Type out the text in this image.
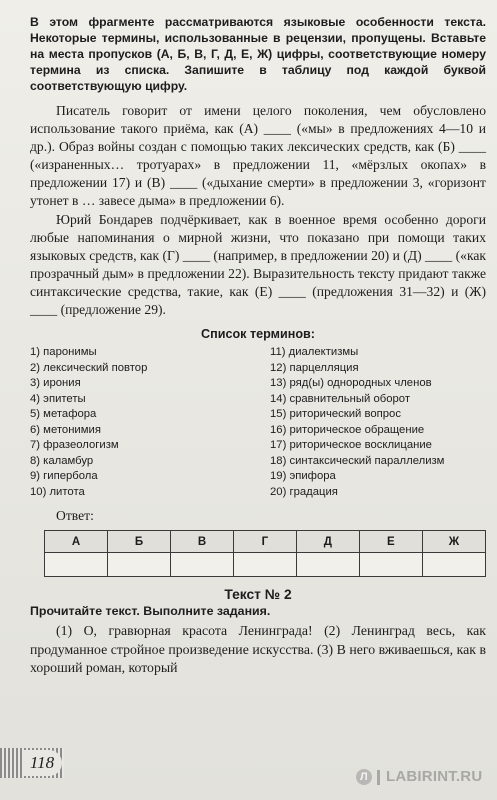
В этом фрагменте рассматриваются языковые особенности текста. Некоторые термины, использованные в рецензии, пропущены. Вставьте на места пропусков (А, Б, В, Г, Д, Е, Ж) цифры, соответствующие номеру термина из списка. Запишите в таблицу под каждой буквой соответствующую цифру.

Писатель говорит от имени целого поколения, чем обусловлено использование такого приёма, как (А) ____ («мы» в предложениях 4—10 и др.). Образ войны создан с помощью таких лексических средств, как (Б) ____ («израненных… тротуарах» в предложении 11, «мёрзлых окопах» в предложении 17) и (В) ____ («дыхание смерти» в предложении 3, «горизонт утонет в … завесе дыма» в предложении 6).

Юрий Бондарев подчёркивает, как в военное время особенно дороги любые напоминания о мирной жизни, что показано при помощи таких языковых средств, как (Г) ____ (например, в предложении 20) и (Д) ____ («как прозрачный дым» в предложении 22). Выразительность тексту придают также синтаксические средства, такие, как (Е) ____ (предложения 31—32) и (Ж) ____ (предложение 29).

Список терминов:
1) паронимы
2) лексический повтор
3) ирония
4) эпитеты
5) метафора
6) метонимия
7) фразеологизм
8) каламбур
9) гипербола
10) литота
11) диалектизмы
12) парцелляция
13) ряд(ы) однородных членов
14) сравнительный оборот
15) риторический вопрос
16) риторическое обращение
17) риторическое восклицание
18) синтаксический параллелизм
19) эпифора
20) градация
Ответ:
А	Б	В	Г	Д	Е	Ж

Текст № 2
Прочитайте текст. Выполните задания.

(1) О, гравюрная красота Ленинграда! (2) Ленинград весь, как продуманное стройное произведение искусства. (3) В него вживаешься, как в хороший роман, который

118
Л LABIRINT.RU
